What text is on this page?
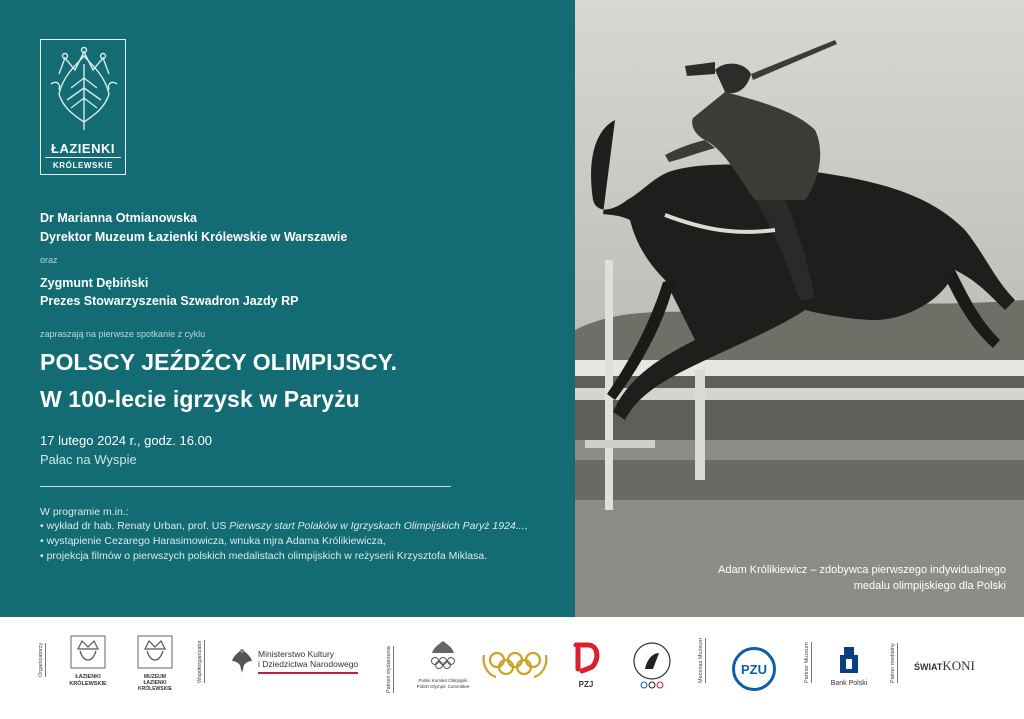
ŁAZIENKI
KRÓLEWSKIE
Dr Marianna Otmianowska
Dyrektor Muzeum Łazienki Królewskie w Warszawie
oraz
Zygmunt Dębiński
Prezes Stowarzyszenia Szwadron Jazdy RP
zapraszają na pierwsze spotkanie z cyklu
POLSCY JEŹDŹCY OLIMPIJSCY.
W 100-lecie igrzysk w Paryżu
17 lutego 2024 r., godz. 16.00
Pałac na Wyspie
W programie m.in.:
• wykład dr hab. Renaty Urban, prof. US Pierwszy start Polaków w Igrzyskach Olimpijskich Paryż 1924...,
• wystąpienie Cezarego Harasimowicza, wnuka mjra Adama Królikiewicza,
• projekcja filmów o pierwszych polskich medalistach olimpijskich w reżyserii Krzysztofa Miklasa.
Adam Królikiewicz – zdobywca pierwszego indywidualnego
medalu olimpijskiego dla Polski
Organizatorzy	ŁAZIENKI
KRÓLEWSKIE
MUZEUM
ŁAZIENKI
KRÓLEWSKIE
Współorganizator	Ministerstwo Kultury
i Dziedzictwa Narodowego	Patroni wydarzenia	Polski Komitet Olimpijski
Polish Olympic Committee	PZJ
Mecenas Muzeum	PZU	Partner Muzeum
Bank Polski
Patron medialny ŚWIATKONI
